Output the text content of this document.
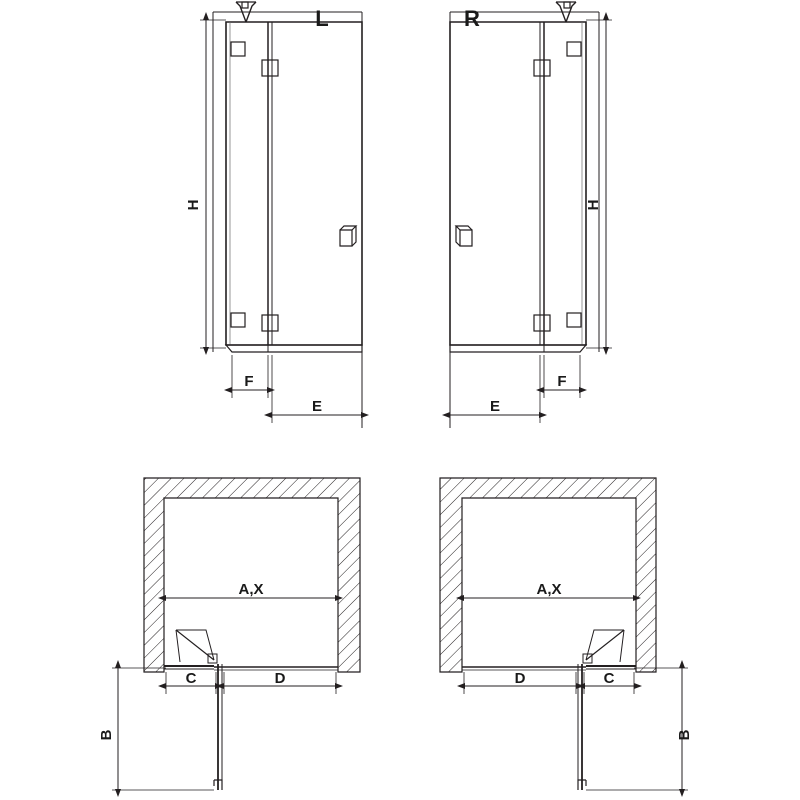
L	R
H	H
F
E
F
E
A,X	A,X
C	D
B
C
D
B
